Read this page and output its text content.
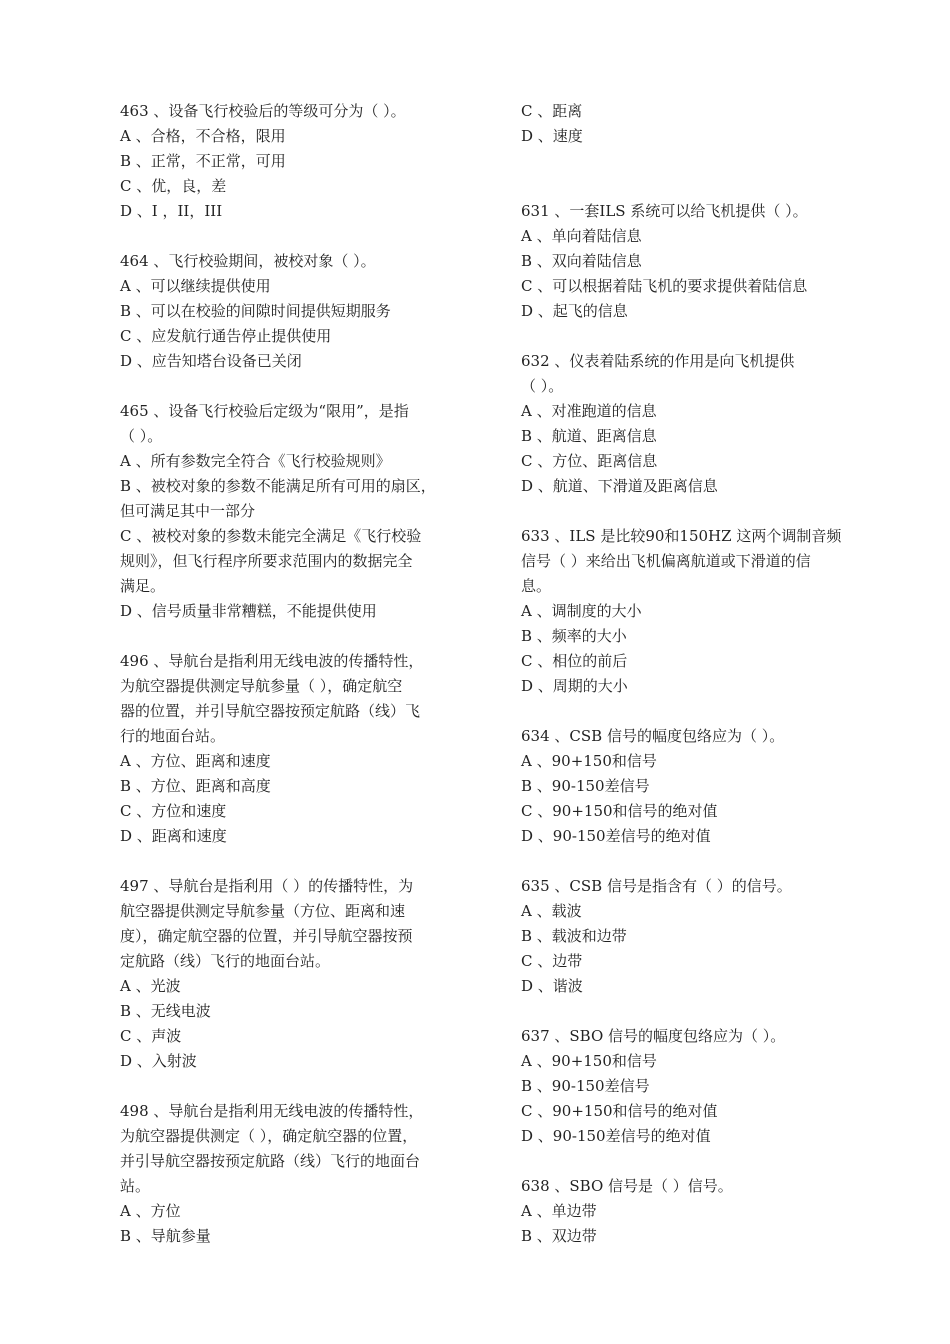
463 、设备飞行校验后的等级可分为（ ）。

A 、合格，不合格，限用

B 、正常，不正常，可用

C 、优，良，差

D 、I ，II，III

464 、飞行校验期间，被校对象（ ）。

A 、可以继续提供使用

B 、可以在校验的间隙时间提供短期服务

C 、应发航行通告停止提供使用

D 、应告知塔台设备已关闭

465 、设备飞行校验后定级为“限用”，是指

（ ）。

A 、所有参数完全符合《飞行校验规则》

B 、被校对象的参数不能满足所有可用的扇区，

但可满足其中一部分

C 、被校对象的参数未能完全满足《飞行校验

规则》，但飞行程序所要求范围内的数据完全

满足。

D 、信号质量非常糟糕，不能提供使用

496 、导航台是指利用无线电波的传播特性，

为航空器提供测定导航参量（ ），确定航空

器的位置，并引导航空器按预定航路（线）飞

行的地面台站。

A 、方位、距离和速度

B 、方位、距离和高度

C 、方位和速度

D 、距离和速度

497 、导航台是指利用（ ）的传播特性，为

航空器提供测定导航参量（方位、距离和速

度），确定航空器的位置，并引导航空器按预

定航路（线）飞行的地面台站。

A 、光波

B 、无线电波

C 、声波

D 、入射波

498 、导航台是指利用无线电波的传播特性，

为航空器提供测定（ ），确定航空器的位置，

并引导航空器按预定航路（线）飞行的地面台

站。

A 、方位

B 、导航参量

C 、距离

D 、速度

631 、一套ILS 系统可以给飞机提供（ ）。

A 、单向着陆信息

B 、双向着陆信息

C 、可以根据着陆飞机的要求提供着陆信息

D 、起飞的信息

632 、仪表着陆系统的作用是向飞机提供

（ ）。

A 、对准跑道的信息

B 、航道、距离信息

C 、方位、距离信息

D 、航道、下滑道及距离信息

633 、ILS 是比较90和150HZ 这两个调制音频

信号（ ）来给出飞机偏离航道或下滑道的信

息。

A 、调制度的大小

B 、频率的大小

C 、相位的前后

D 、周期的大小

634 、CSB 信号的幅度包络应为（ ）。

A 、90+150和信号

B 、90-150差信号

C 、90+150和信号的绝对值

D 、90-150差信号的绝对值

635 、CSB 信号是指含有（ ）的信号。

A 、载波

B 、载波和边带

C 、边带

D 、谐波

637 、SBO 信号的幅度包络应为（ ）。

A 、90+150和信号

B 、90-150差信号

C 、90+150和信号的绝对值

D 、90-150差信号的绝对值

638 、SBO 信号是（ ）信号。

A 、单边带

B 、双边带
